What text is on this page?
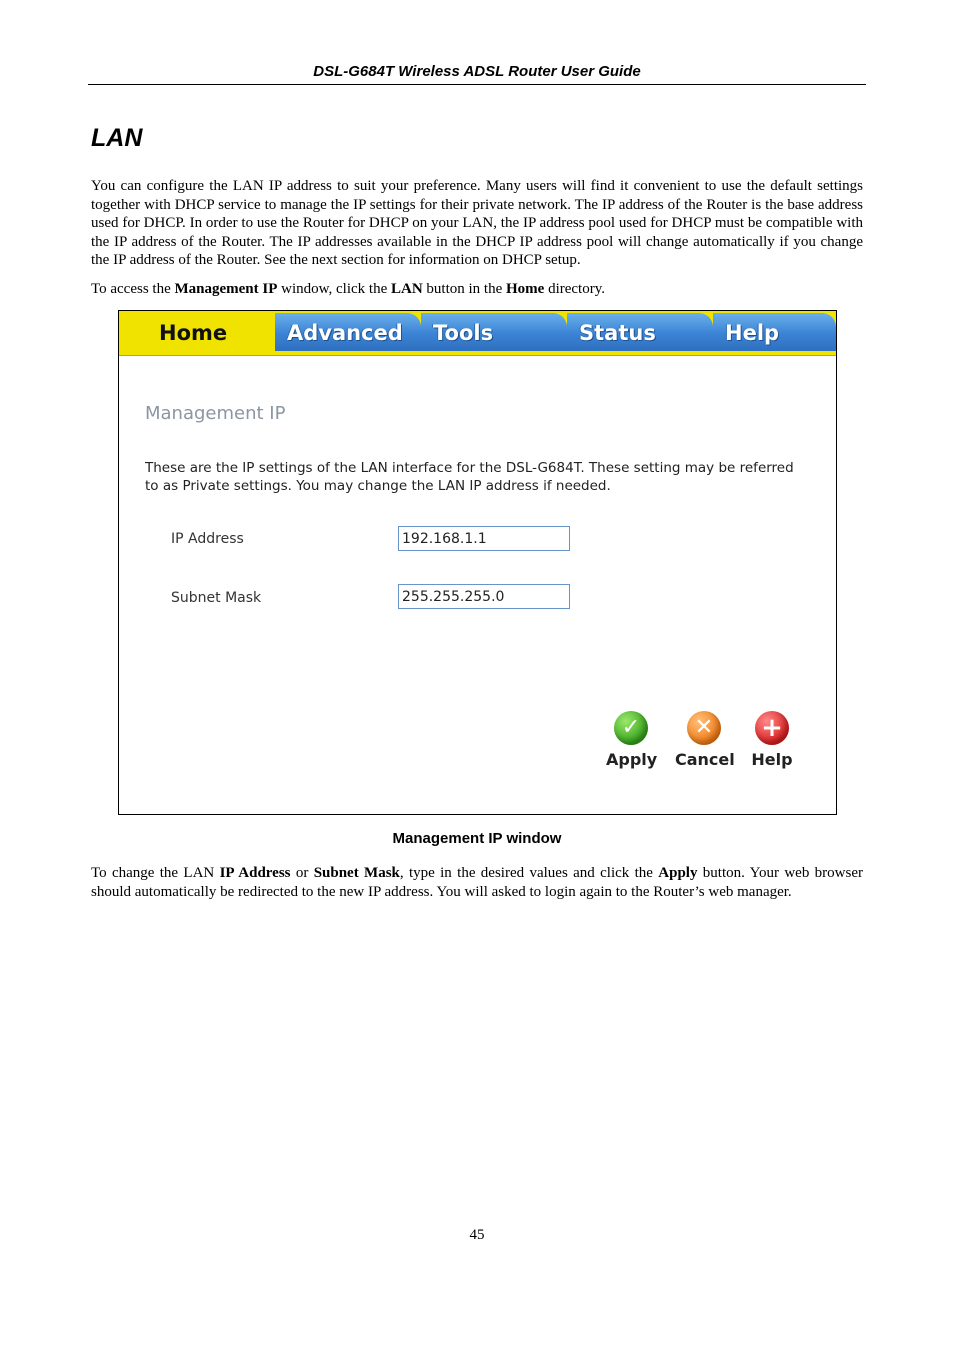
DSL-G684T Wireless ADSL Router User Guide
LAN

You can configure the LAN IP address to suit your preference. Many users will find it convenient to use the default settings together with DHCP service to manage the IP settings for their private network. The IP address of the Router is the base address used for DHCP. In order to use the Router for DHCP on your LAN, the IP address pool used for DHCP must be compatible with the IP address of the Router. The IP addresses available in the DHCP IP address pool will change automatically if you change the IP address of the Router. See the next section for information on DHCP setup.

To access the Management IP window, click the LAN button in the Home directory.

Home	Advanced	Tools	Status	Help
Management IP

These are the IP settings of the LAN interface for the DSL-G684T. These setting may be referred to as Private settings. You may change the LAN IP address if needed.

IP Address
192.168.1.1
Subnet Mask
255.255.255.0
✓
Apply
✕
Cancel
+
Help
Management IP window

To change the LAN IP Address or Subnet Mask, type in the desired values and click the Apply button. Your web browser should automatically be redirected to the new IP address. You will asked to login again to the Router’s web manager.

45
